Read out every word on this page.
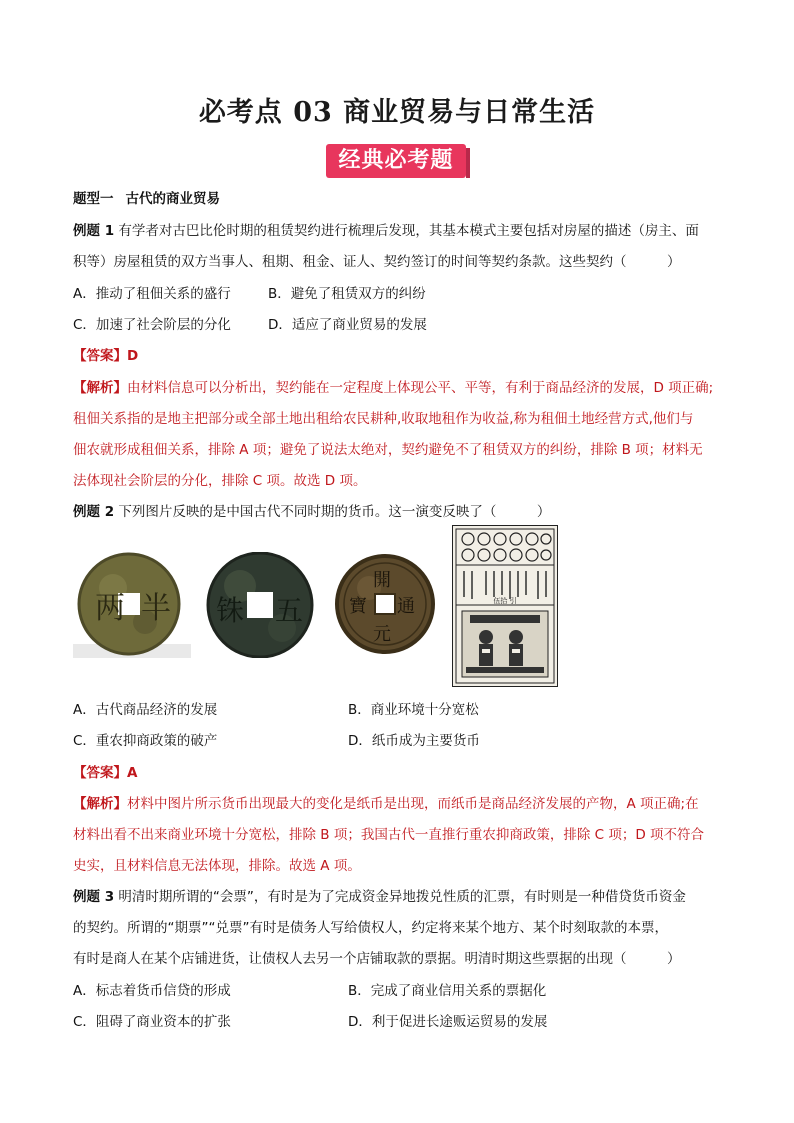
必考点 03 商业贸易与日常生活
经典必考题
题型一 古代的商业贸易
例题 1 有学者对古巴比伦时期的租赁契约进行梳理后发现，其基本模式主要包括对房屋的描述（房主、面
积等）房屋租赁的双方当事人、租期、租金、证人、契约签订的时间等契约条款。这些契约（　　　）
A．推动了租佃关系的盛行	B．避免了租赁双方的纠纷
C．加速了社会阶层的分化	D．适应了商业贸易的发展
【答案】D
【解析】由材料信息可以分析出，契约能在一定程度上体现公平、平等，有利于商品经济的发展，D 项正确;
租佃关系指的是地主把部分或全部土地出租给农民耕种,收取地租作为收益,称为租佃土地经营方式,他们与
佃农就形成租佃关系，排除 A 项；避免了说法太绝对，契约避免不了租赁双方的纠纷，排除 B 项；材料无
法体现社会阶层的分化，排除 C 项。故选 D 项。
例题 2 下列图片反映的是中国古代不同时期的货币。这一演变反映了（　　　）
两 半	五
铢
開
元
通
寶	伍拾 引
A．古代商品经济的发展	B．商业环境十分宽松
C．重农抑商政策的破产	D．纸币成为主要货币
【答案】A
【解析】材料中图片所示货币出现最大的变化是纸币是出现，而纸币是商品经济发展的产物，A 项正确;在
材料出看不出来商业环境十分宽松，排除 B 项；我国古代一直推行重农抑商政策，排除 C 项；D 项不符合
史实，且材料信息无法体现，排除。故选 A 项。
例题 3 明清时期所谓的“会票”，有时是为了完成资金异地拨兑性质的汇票，有时则是一种借贷货币资金
的契约。所谓的“期票”“兑票”有时是债务人写给债权人，约定将来某个地方、某个时刻取款的本票，
有时是商人在某个店铺进货，让债权人去另一个店铺取款的票据。明清时期这些票据的出现（　　　）
A．标志着货币信贷的形成	B．完成了商业信用关系的票据化
C．阻碍了商业资本的扩张	D．利于促进长途贩运贸易的发展
